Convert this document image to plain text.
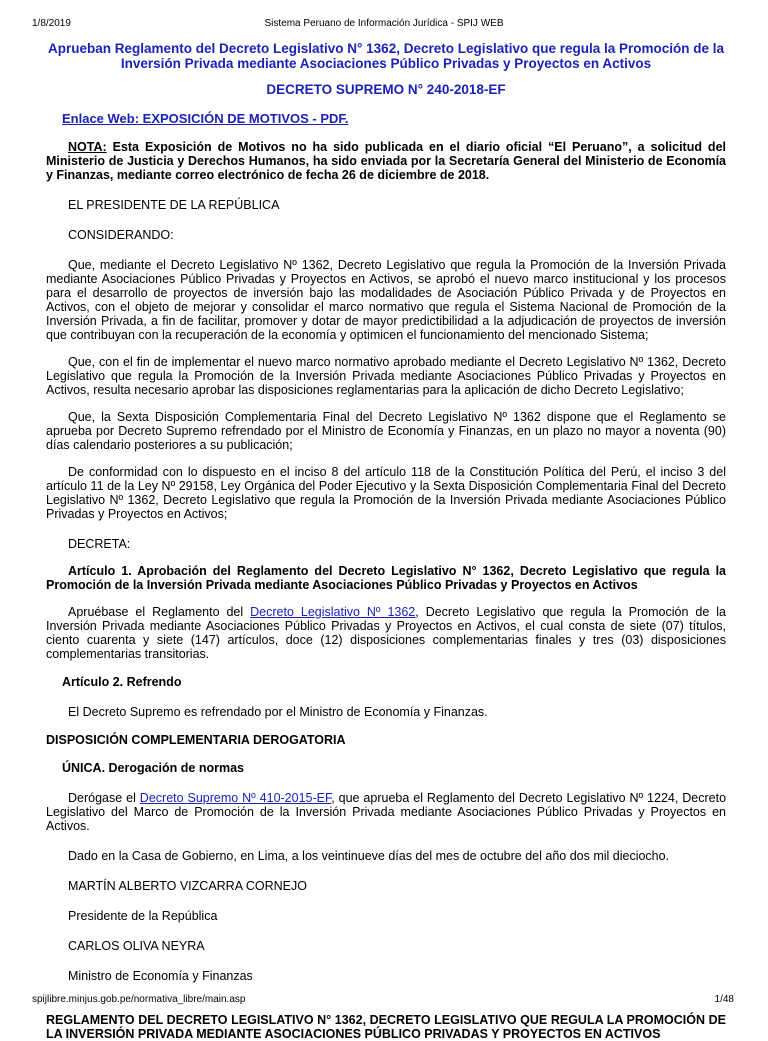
1/8/2019	Sistema Peruano de Información Jurídica - SPIJ WEB

Aprueban Reglamento del Decreto Legislativo N° 1362, Decreto Legislativo que regula la Promoción de la Inversión Privada mediante Asociaciones Público Privadas y Proyectos en Activos

DECRETO SUPREMO N° 240-2018-EF

Enlace Web: EXPOSICIÓN DE MOTIVOS - PDF.

NOTA: Esta Exposición de Motivos no ha sido publicada en el diario oficial “El Peruano”, a solicitud del Ministerio de Justicia y Derechos Humanos, ha sido enviada por la Secretaría General del Ministerio de Economía y Finanzas, mediante correo electrónico de fecha 26 de diciembre de 2018.

EL PRESIDENTE DE LA REPÚBLICA

CONSIDERANDO:

Que, mediante el Decreto Legislativo Nº 1362, Decreto Legislativo que regula la Promoción de la Inversión Privada mediante Asociaciones Público Privadas y Proyectos en Activos, se aprobó el nuevo marco institucional y los procesos para el desarrollo de proyectos de inversión bajo las modalidades de Asociación Público Privada y de Proyectos en Activos, con el objeto de mejorar y consolidar el marco normativo que regula el Sistema Nacional de Promoción de la Inversión Privada, a fin de facilitar, promover y dotar de mayor predictibilidad a la adjudicación de proyectos de inversión que contribuyan con la recuperación de la economía y optimicen el funcionamiento del mencionado Sistema;

Que, con el fin de implementar el nuevo marco normativo aprobado mediante el Decreto Legislativo Nº 1362, Decreto Legislativo que regula la Promoción de la Inversión Privada mediante Asociaciones Público Privadas y Proyectos en Activos, resulta necesario aprobar las disposiciones reglamentarias para la aplicación de dicho Decreto Legislativo;

Que, la Sexta Disposición Complementaria Final del Decreto Legislativo Nº 1362 dispone que el Reglamento se aprueba por Decreto Supremo refrendado por el Ministro de Economía y Finanzas, en un plazo no mayor a noventa (90) días calendario posteriores a su publicación;

De conformidad con lo dispuesto en el inciso 8 del artículo 118 de la Constitución Política del Perú, el inciso 3 del artículo 11 de la Ley Nº 29158, Ley Orgánica del Poder Ejecutivo y la Sexta Disposición Complementaria Final del Decreto Legislativo Nº 1362, Decreto Legislativo que regula la Promoción de la Inversión Privada mediante Asociaciones Público Privadas y Proyectos en Activos;

DECRETA:

Artículo 1. Aprobación del Reglamento del Decreto Legislativo N° 1362, Decreto Legislativo que regula la Promoción de la Inversión Privada mediante Asociaciones Público Privadas y Proyectos en Activos

Apruébase el Reglamento del Decreto Legislativo Nº 1362, Decreto Legislativo que regula la Promoción de la Inversión Privada mediante Asociaciones Público Privadas y Proyectos en Activos, el cual consta de siete (07) títulos, ciento cuarenta y siete (147) artículos, doce (12) disposiciones complementarias finales y tres (03) disposiciones complementarias transitorias.

Artículo 2. Refrendo

El Decreto Supremo es refrendado por el Ministro de Economía y Finanzas.

DISPOSICIÓN COMPLEMENTARIA DEROGATORIA

ÚNICA. Derogación de normas

Derógase el Decreto Supremo Nº 410-2015-EF, que aprueba el Reglamento del Decreto Legislativo Nº 1224, Decreto Legislativo del Marco de Promoción de la Inversión Privada mediante Asociaciones Público Privadas y Proyectos en Activos.

Dado en la Casa de Gobierno, en Lima, a los veintinueve días del mes de octubre del año dos mil dieciocho.

MARTÍN ALBERTO VIZCARRA CORNEJO

Presidente de la República

CARLOS OLIVA NEYRA

Ministro de Economía y Finanzas

REGLAMENTO DEL DECRETO LEGISLATIVO N° 1362, DECRETO LEGISLATIVO QUE REGULA LA PROMOCIÓN DE LA INVERSIÓN PRIVADA MEDIANTE ASOCIACIONES PÚBLICO PRIVADAS Y PROYECTOS EN ACTIVOS

spijlibre.minjus.gob.pe/normativa_libre/main.asp	1/48
